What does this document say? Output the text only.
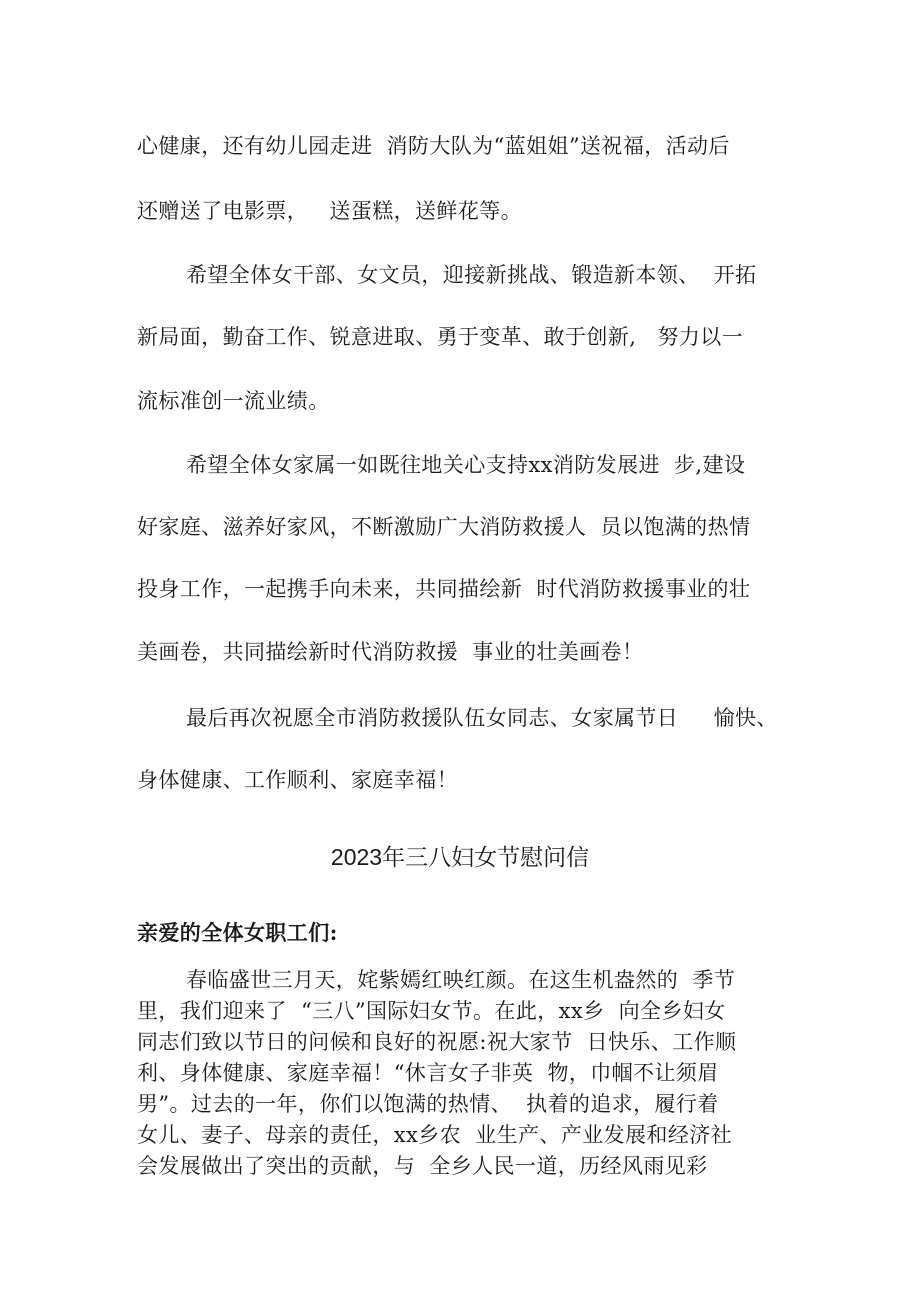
心健康，还有幼儿园走进  消防大队为“蓝姐姐”送祝福，活动后
还赠送了电影票，   送蛋糕，送鲜花等。
希望全体女干部、女文员，迎接新挑战、锻造新本领、  开拓
新局面，勤奋工作、锐意进取、勇于变革、敢于创新,   努力以一
流标准创一流业绩。
希望全体女家属一如既往地关心支持xx消防发展进  步,建设
好家庭、滋养好家风，不断激励广大消防救援人  员以饱满的热情
投身工作，一起携手向未来，共同描绘新  时代消防救援事业的壮
美画卷，共同描绘新时代消防救援  事业的壮美画卷！
最后再次祝愿全市消防救援队伍女同志、女家属节日     愉快、
身体健康、工作顺利、家庭幸福！
2023年三八妇女节慰问信
亲爱的全体女职工们:
春临盛世三月天，姹紫嫣红映红颜。在这生机盎然的  季节
里，我们迎来了  “三八”国际妇女节。在此，xx乡  向全乡妇女
同志们致以节日的问候和良好的祝愿:祝大家节  日快乐、工作顺
利、身体健康、家庭幸福！“休言女子非英  物，巾帼不让须眉
男”。过去的一年，你们以饱满的热情、  执着的追求，履行着
女儿、妻子、母亲的责任，xx乡农  业生产、产业发展和经济社
会发展做出了突出的贡献，与  全乡人民一道，历经风雨见彩
